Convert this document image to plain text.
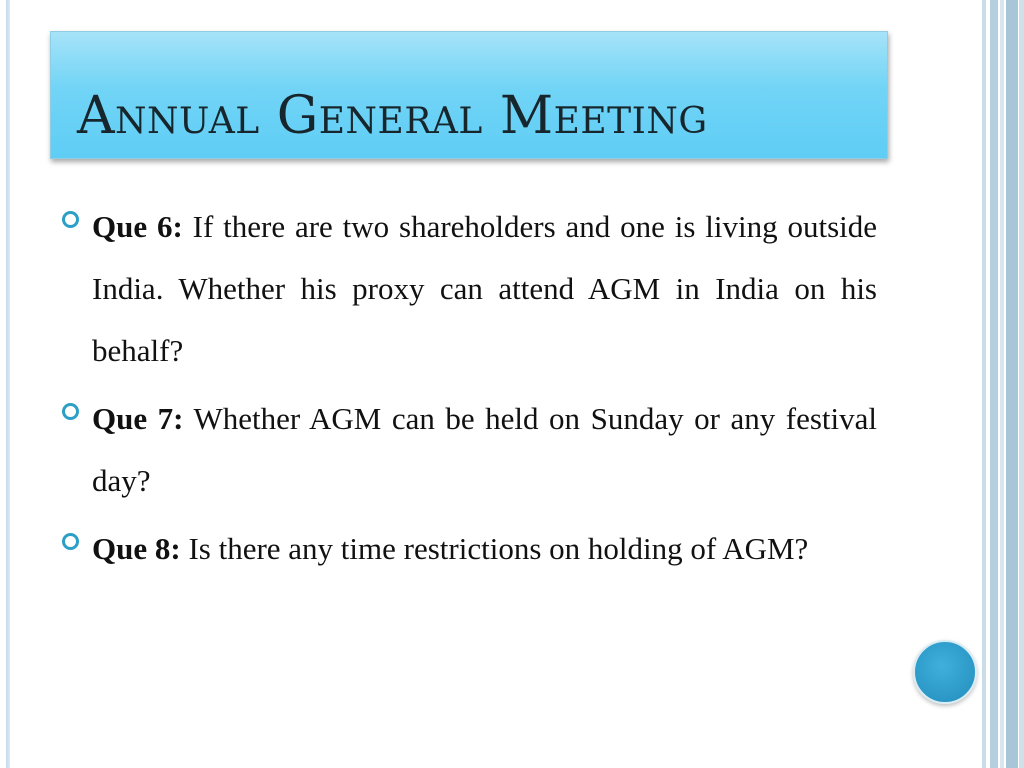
Annual General Meeting

Que 6: If there are two shareholders and one is living outside India. Whether his proxy can attend AGM in India on his behalf?

Que 7: Whether AGM can be held on Sunday or any festival day?

Que 8: Is there any time restrictions on holding of AGM?
